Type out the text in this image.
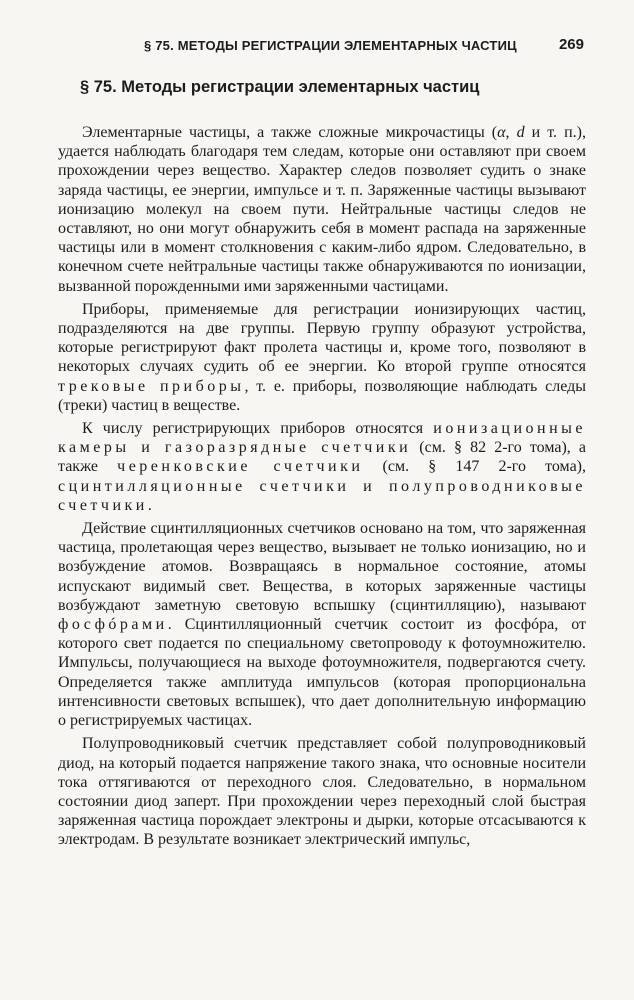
§ 75. МЕТОДЫ РЕГИСТРАЦИИ ЭЛЕМЕНТАРНЫХ ЧАСТИЦ	269
§ 75. Методы регистрации элементарных частиц

Элементарные частицы, а также сложные микрочастицы (α, d и т. п.), удается наблюдать благодаря тем следам, которые они оставляют при своем прохождении через вещество. Характер следов позволяет судить о знаке заряда частицы, ее энергии, импульсе и т. п. Заряженные частицы вызывают ионизацию молекул на своем пути. Нейтральные частицы следов не оставляют, но они могут обнаружить себя в момент распада на заряженные частицы или в момент столкновения с каким-либо ядром. Следовательно, в конечном счете нейтральные частицы также обнаруживаются по ионизации, вызванной порожденными ими заряженными частицами.

Приборы, применяемые для регистрации ионизирующих частиц, подразделяются на две группы. Первую группу образуют устройства, которые регистрируют факт пролета частицы и, кроме того, позволяют в некоторых случаях судить об ее энергии. Ко второй группе относятся трековые приборы, т. е. приборы, позволяющие наблюдать следы (треки) частиц в веществе.

К числу регистрирующих приборов относятся ионизационные камеры и газоразрядные счетчики (см. § 82 2-го тома), а также черенковские счетчики (см. § 147 2-го тома), сцинтилляционные счетчики и полупроводниковые счетчики.

Действие сцинтилляционных счетчиков основано на том, что заряженная частица, пролетающая через вещество, вызывает не только ионизацию, но и возбуждение атомов. Возвращаясь в нормальное состояние, атомы испускают видимый свет. Вещества, в которых заряженные частицы возбуждают заметную световую вспышку (сцинтилляцию), называют фосфóрами. Сцинтилляционный счетчик состоит из фосфóра, от которого свет подается по специальному светопроводу к фотоумножителю. Импульсы, получающиеся на выходе фотоумножителя, подвергаются счету. Определяется также амплитуда импульсов (которая пропорциональна интенсивности световых вспышек), что дает дополнительную информацию о регистрируемых частицах.

Полупроводниковый счетчик представляет собой полупроводниковый диод, на который подается напряжение такого знака, что основные носители тока оттягиваются от переходного слоя. Следовательно, в нормальном состоянии диод заперт. При прохождении через переходный слой быстрая заряженная частица порождает электроны и дырки, которые отсасываются к электродам. В результате возникает электрический импульс,
